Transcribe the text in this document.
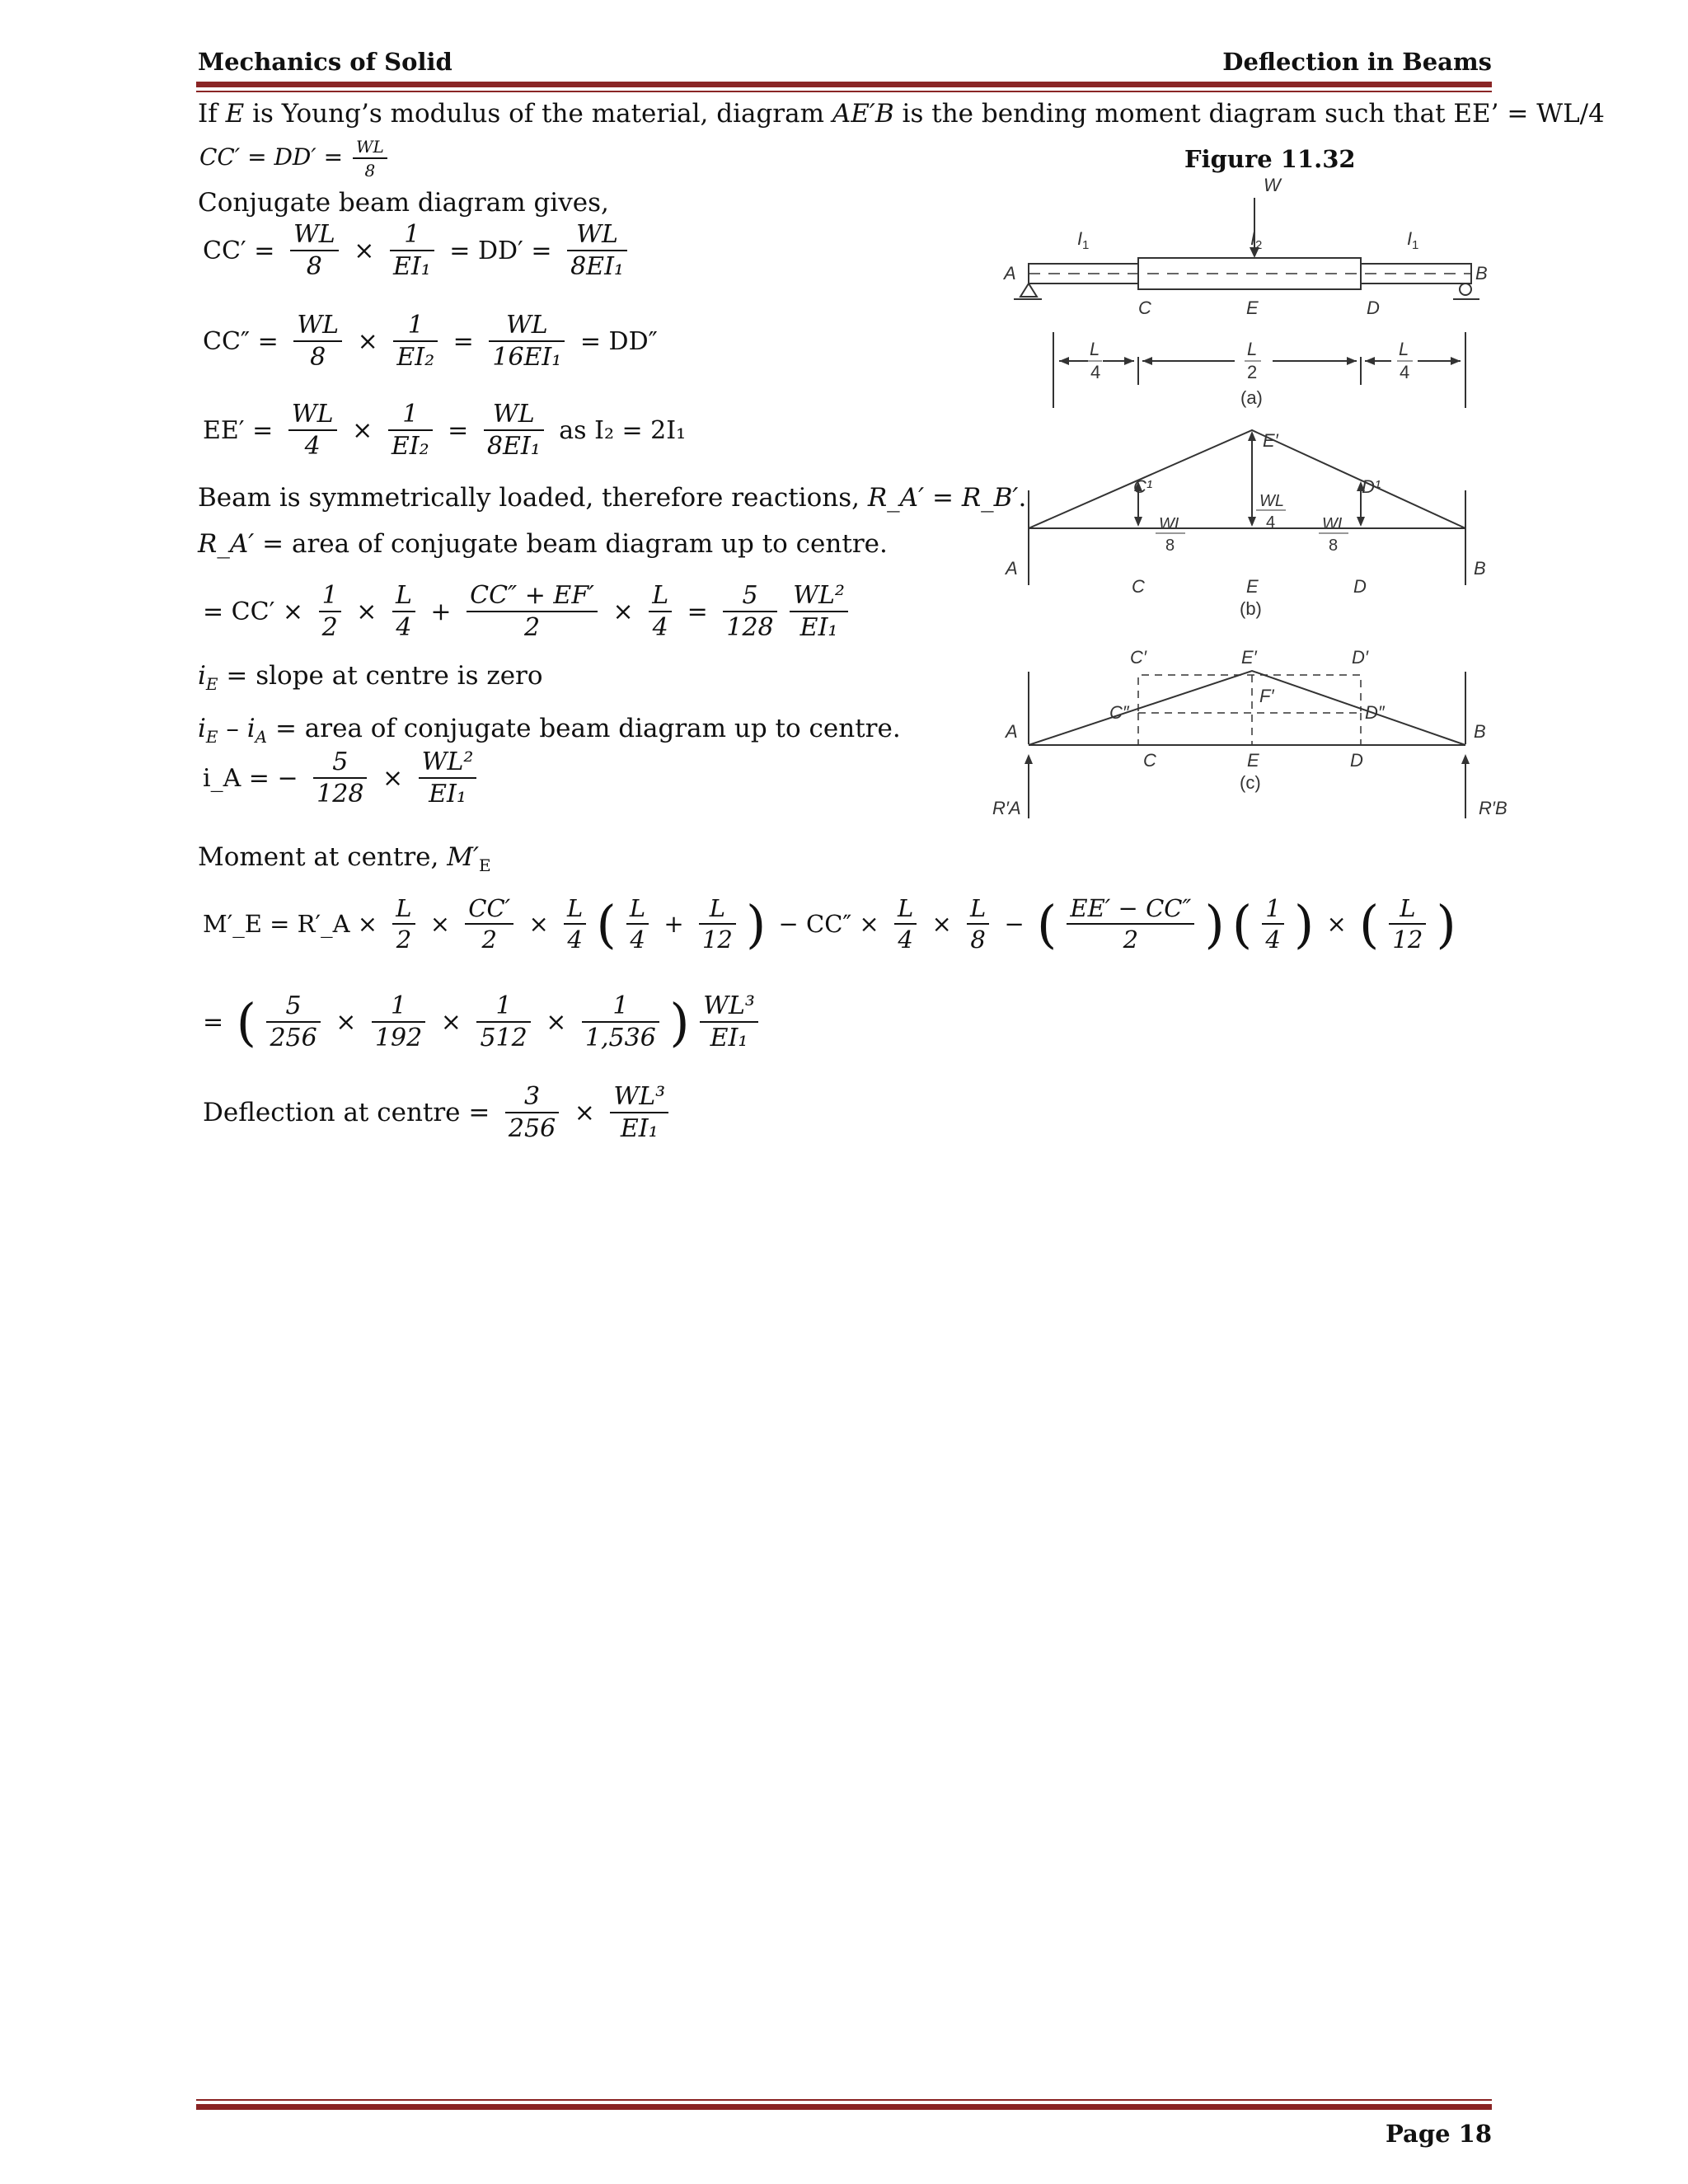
Mechanics of Solid	Deflection in Beams
If E is Young’s modulus of the material, diagram AE′B is the bending moment diagram such that EE’ = WL/4
$CC' = DD' = \frac{WL}{8}$	Figure 11.32
W
I 1	I 2	I 1
A	B
C	E	D
L
4
L
2
L
4
(a)
E′
C¹	D¹
WL
8
WL
4	WL
8
A	B
C	E	D
(b)
C′	E′	D′
F′
C″	D″
A	B
C	E	D
(c)
R′A	R′B
Conjugate beam diagram gives,
$CC' = \frac{WL}{8} \times \frac{1}{\text{EI₁}} = DD' = \frac{WL}{\text{8EI₁}}$
$CC'' = \frac{WL}{8} \times \frac{1}{\text{EI₂}} = \frac{WL}{\text{16EI₁}} = DD''$
$EE' = \frac{WL}{4} \times \frac{1}{\text{EI₂}} = \frac{WL}{\text{8EI₁}}$ as I₂ = 2I₁
Beam is symmetrically loaded, therefore reactions, R_A′ = R_B′.
R_A′ = area of conjugate beam diagram up to centre.
= $CC' \times \frac{1}{2} \times \frac{L}{4} + \frac{CC'' + EF'}{2} \times \frac{L}{4} = \frac{5}{128}$
$\frac{\text{WL²}}{\text{EI₁}}$
$i_E$ = slope at centre is zero
$i_E - i_A$ = area of conjugate beam diagram up to centre.
i_A = − $\frac{5}{128} \times \frac{\text{WL²}}{\text{EI₁}}$
Moment at centre, $M'_E$
M′_E = R′_A × $\frac{L}{2} \times \frac{CC'}{2} \times \frac{L}{4}$ ( $\frac{L}{4} + \frac{L}{12}$ ) − $CC'' \times \frac{L}{4} \times \frac{L}{8}$ − ( $\frac{EE' - CC''}{2}$ ) ( $\frac{1}{4}$ ) × ( $\frac{L}{12}$ )
= ( $\frac{5}{256} \times \frac{1}{192} \times \frac{1}{512} \times \frac{1}{1,536}$ ) $\frac{\text{WL³}}{\text{EI₁}}$
Deflection at centre = $\frac{3}{256} \times \frac{\text{WL³}}{\text{EI₁}}$
Page 18
